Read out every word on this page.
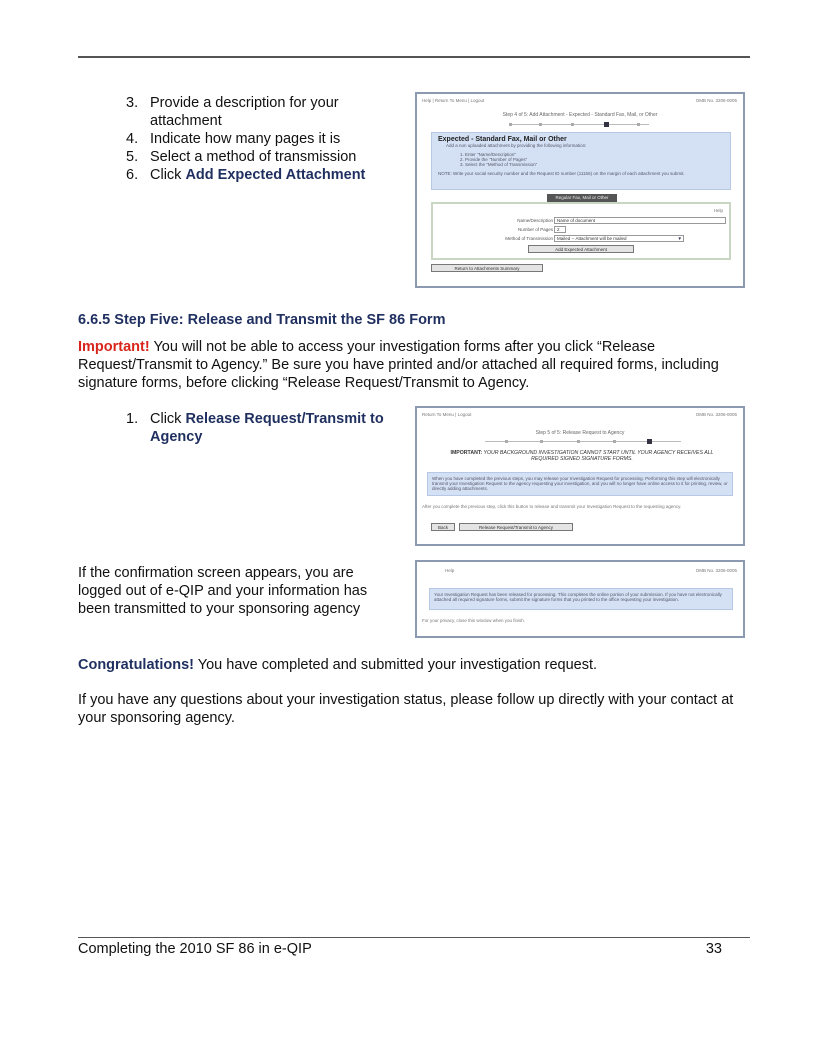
3. Provide a description for your attachment
4. Indicate how many pages it is
5. Select a method of transmission
6. Click Add Expected Attachment
Help | Return To Menu | Logout	OMB No. 3206-0005
Step 4 of 5: Add Attachment - Expected - Standard Fax, Mail, or Other
Expected - Standard Fax, Mail or Other
Add a non uploaded attachment by providing the following information:
1. Enter "Name/Description"
2. Provide the "Number of Pages"
3. Select the "Method of Transmission"
NOTE: Write your social security number and the Request ID number (11155) on the margin of each attachment you submit.
Regular Fax, Mail or Other
Help
Name/Description Name of document
Number of Pages 2
Method of Transmission Mailed -- Attachment will be mailed	▼
Add Expected Attachment
Return to Attachments Summary
6.6.5 Step Five: Release and Transmit the SF 86 Form
Important! You will not be able to access your investigation forms after you click “Release Request/Transmit to Agency.” Be sure you have printed and/or attached all required forms, including signature forms, before clicking “Release Request/Transmit to Agency.
1. Click Release Request/Transmit to Agency
Return To Menu | Logout	OMB No. 3206-0005
Step 5 of 5: Release Request to Agency
IMPORTANT: YOUR BACKGROUND INVESTIGATION CANNOT START UNTIL YOUR AGENCY RECEIVES ALL REQUIRED SIGNED SIGNATURE FORMS.
When you have completed the previous steps, you may release your Investigation Request for processing. Performing this step will electronically transmit your Investigation Request to the agency requesting your investigation, and you will no longer have online access to it for printing, review, or directly adding attachments.
After you complete the previous step, click this button to release and transmit your Investigation Request to the requesting agency.
Back	Release Request/Transmit to Agency
If the confirmation screen appears, you are logged out of e-QIP and your information has been transmitted to your sponsoring agency
Help	OMB No. 3206-0005
Your Investigation Request has been released for processing. This completes the online portion of your submission. If you have not electronically attached all required signature forms, submit the signature forms that you printed to the office requesting your investigation.
For your privacy, close this window when you finish.
Congratulations! You have completed and submitted your investigation request.
If you have any questions about your investigation status, please follow up directly with your contact at your sponsoring agency.
Completing the 2010 SF 86 in e-QIP	33
